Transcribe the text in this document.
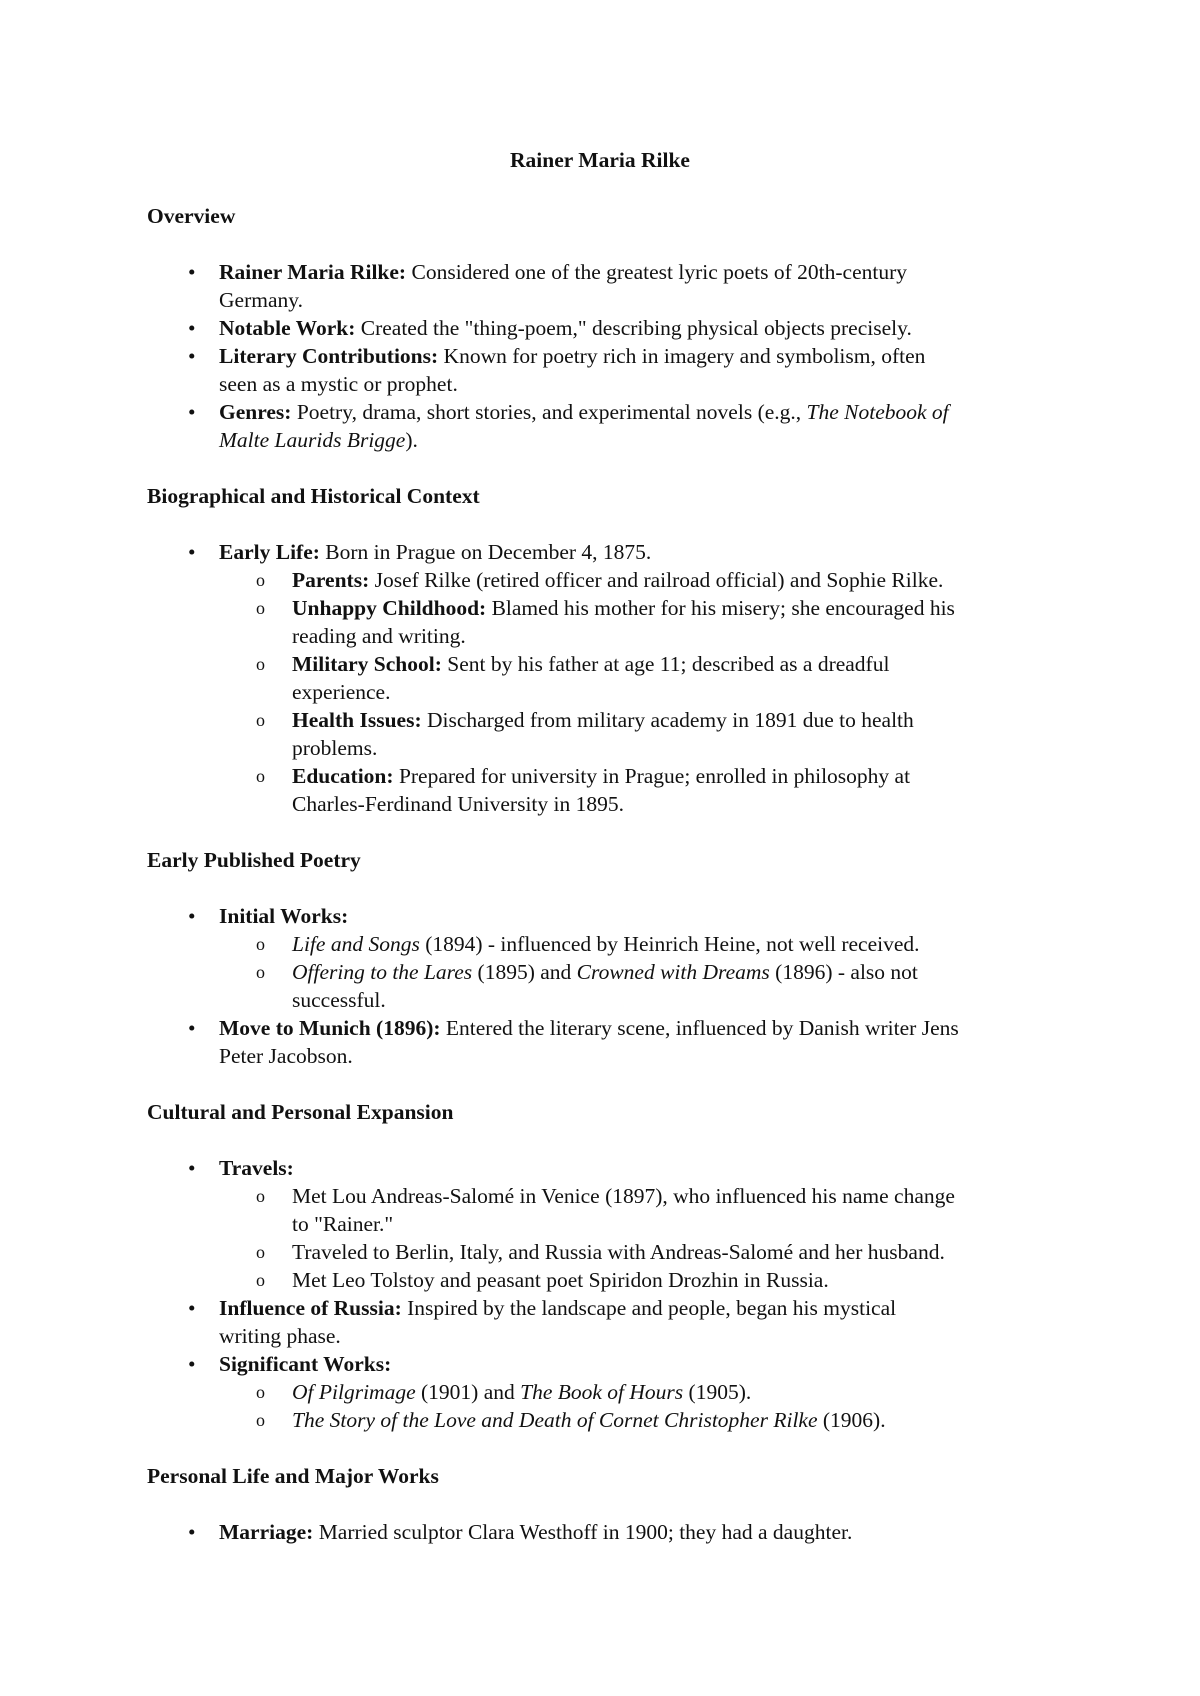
Rainer Maria Rilke
Overview
• Rainer Maria Rilke: Considered one of the greatest lyric poets of 20th-century
Germany.
• Notable Work: Created the "thing-poem," describing physical objects precisely.
• Literary Contributions: Known for poetry rich in imagery and symbolism, often
seen as a mystic or prophet.
• Genres: Poetry, drama, short stories, and experimental novels (e.g., The Notebook of
Malte Laurids Brigge).
Biographical and Historical Context
• Early Life: Born in Prague on December 4, 1875.
o Parents: Josef Rilke (retired officer and railroad official) and Sophie Rilke.
o Unhappy Childhood: Blamed his mother for his misery; she encouraged his
reading and writing.
o Military School: Sent by his father at age 11; described as a dreadful
experience.
o Health Issues: Discharged from military academy in 1891 due to health
problems.
o Education: Prepared for university in Prague; enrolled in philosophy at
Charles-Ferdinand University in 1895.
Early Published Poetry
• Initial Works:
o Life and Songs (1894) - influenced by Heinrich Heine, not well received.
o Offering to the Lares (1895) and Crowned with Dreams (1896) - also not
successful.
• Move to Munich (1896): Entered the literary scene, influenced by Danish writer Jens
Peter Jacobson.
Cultural and Personal Expansion
• Travels:
o Met Lou Andreas-Salomé in Venice (1897), who influenced his name change
to "Rainer."
o Traveled to Berlin, Italy, and Russia with Andreas-Salomé and her husband.
o Met Leo Tolstoy and peasant poet Spiridon Drozhin in Russia.
• Influence of Russia: Inspired by the landscape and people, began his mystical
writing phase.
• Significant Works:
o Of Pilgrimage (1901) and The Book of Hours (1905).
o The Story of the Love and Death of Cornet Christopher Rilke (1906).
Personal Life and Major Works
• Marriage: Married sculptor Clara Westhoff in 1900; they had a daughter.
